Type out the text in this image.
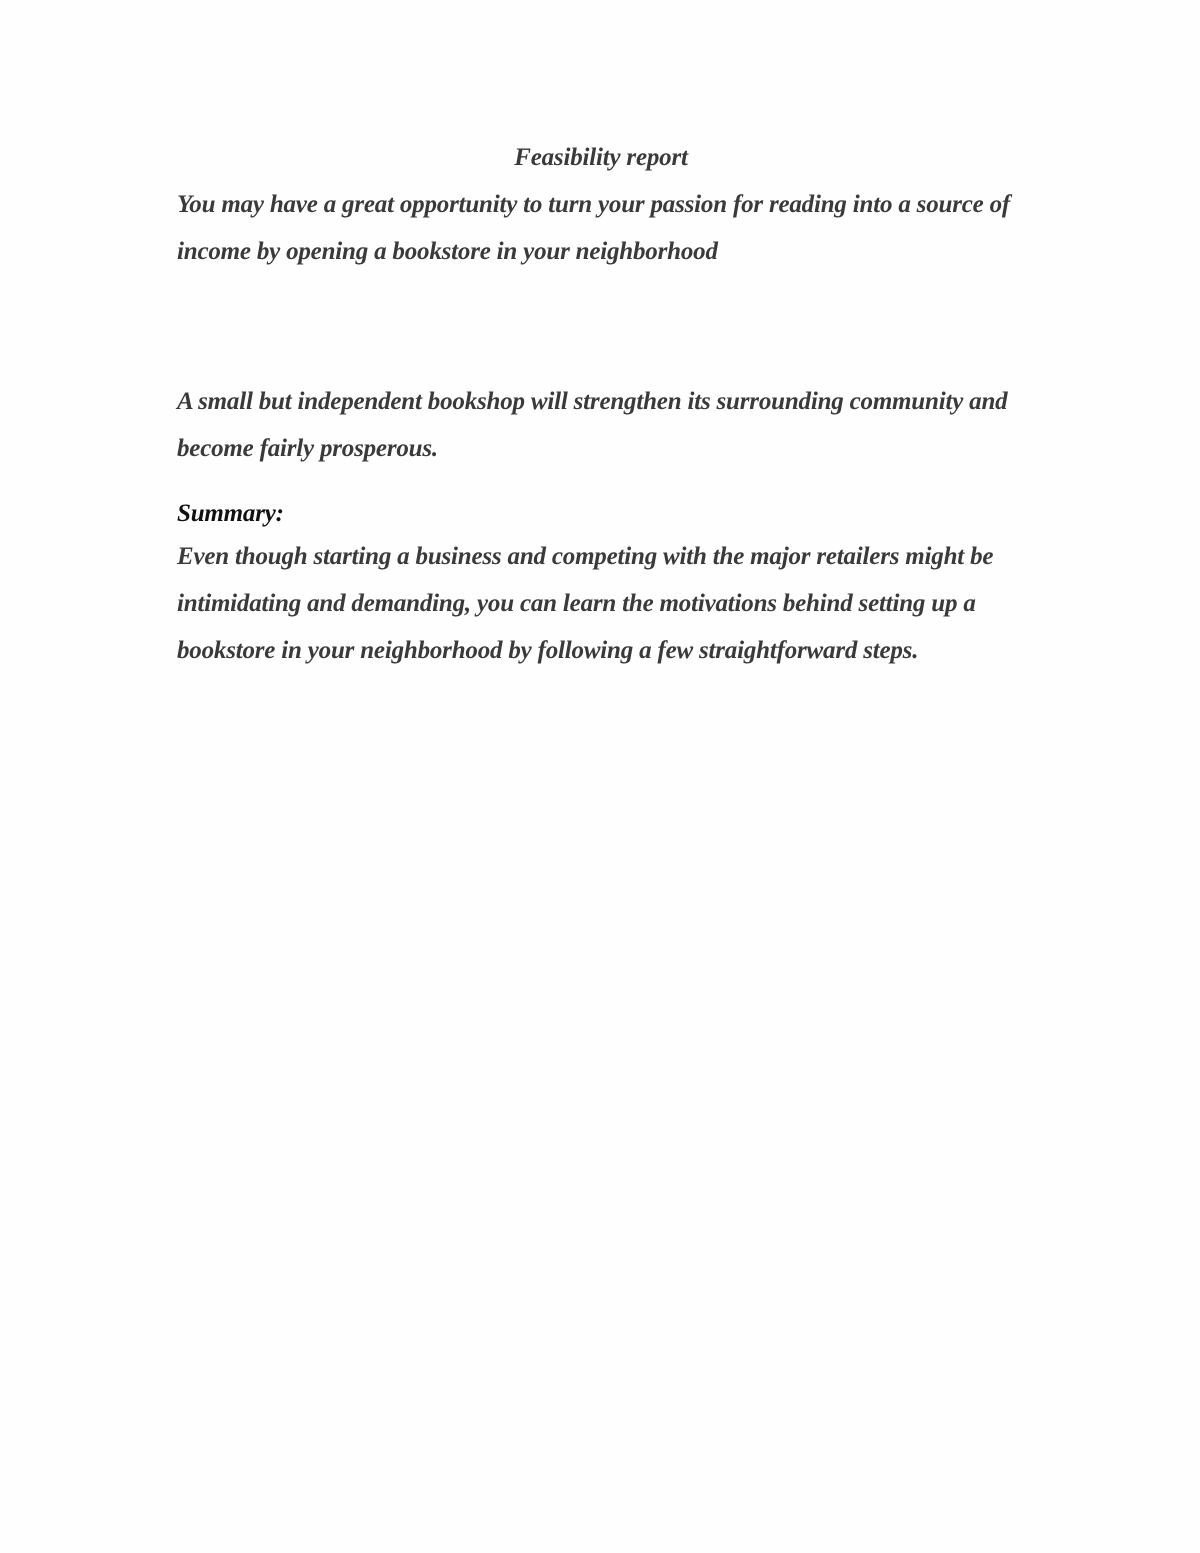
Feasibility report

You may have a great opportunity to turn your passion for reading into a source of income by opening a bookstore in your neighborhood

A small but independent bookshop will strengthen its surrounding community and become fairly prosperous.

Summary:

Even though starting a business and competing with the major retailers might be intimidating and demanding, you can learn the motivations behind setting up a bookstore in your neighborhood by following a few straightforward steps.
